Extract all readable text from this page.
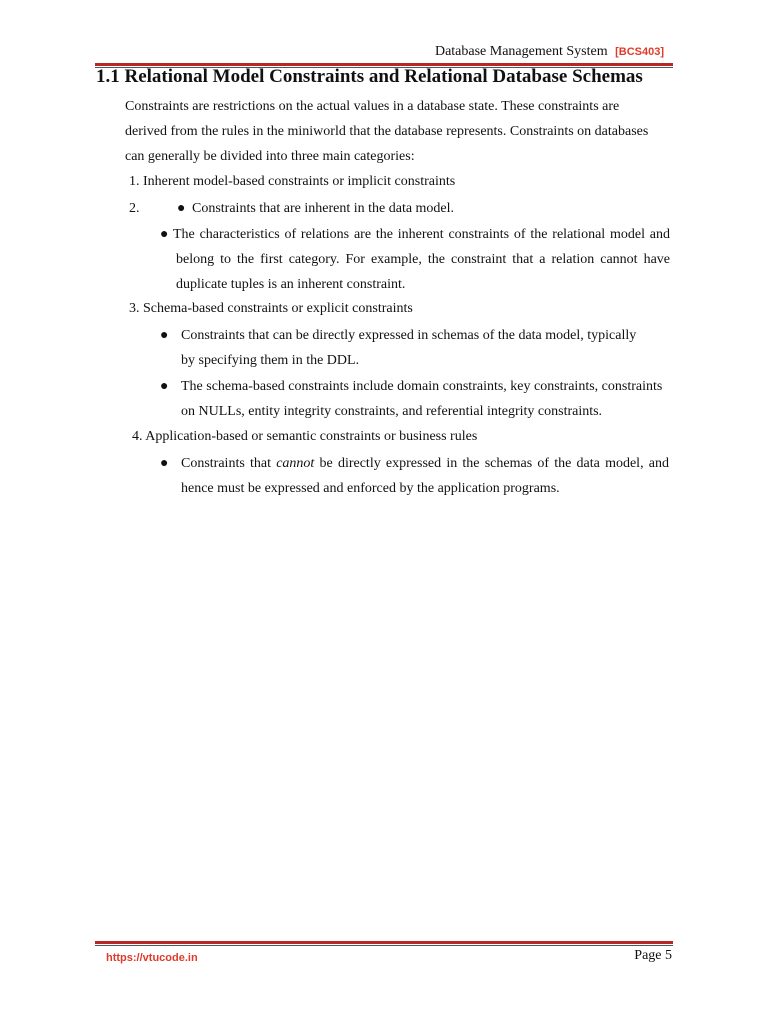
Database Management System [BCS403]
1.1 Relational Model Constraints and Relational Database Schemas
Constraints are restrictions on the actual values in a database state. These constraints are
derived from the rules in the miniworld that the database represents. Constraints on databases
can generally be divided into three main categories:
1. Inherent model-based constraints or implicit constraints
2.	● Constraints that are inherent in the data model.
● The characteristics of relations are the inherent constraints of the relational model and
belong to the first category. For example, the constraint that a relation cannot have
duplicate tuples is an inherent constraint.
3. Schema-based constraints or explicit constraints
● Constraints that can be directly expressed in schemas of the data model, typically
by specifying them in the DDL.
● The schema-based constraints include domain constraints, key constraints, constraints
on NULLs, entity integrity constraints, and referential integrity constraints.
4. Application-based or semantic constraints or business rules
● Constraints that cannot be directly expressed in the schemas of the data model, and
hence must be expressed and enforced by the application programs.
https://vtucode.in	Page 5
